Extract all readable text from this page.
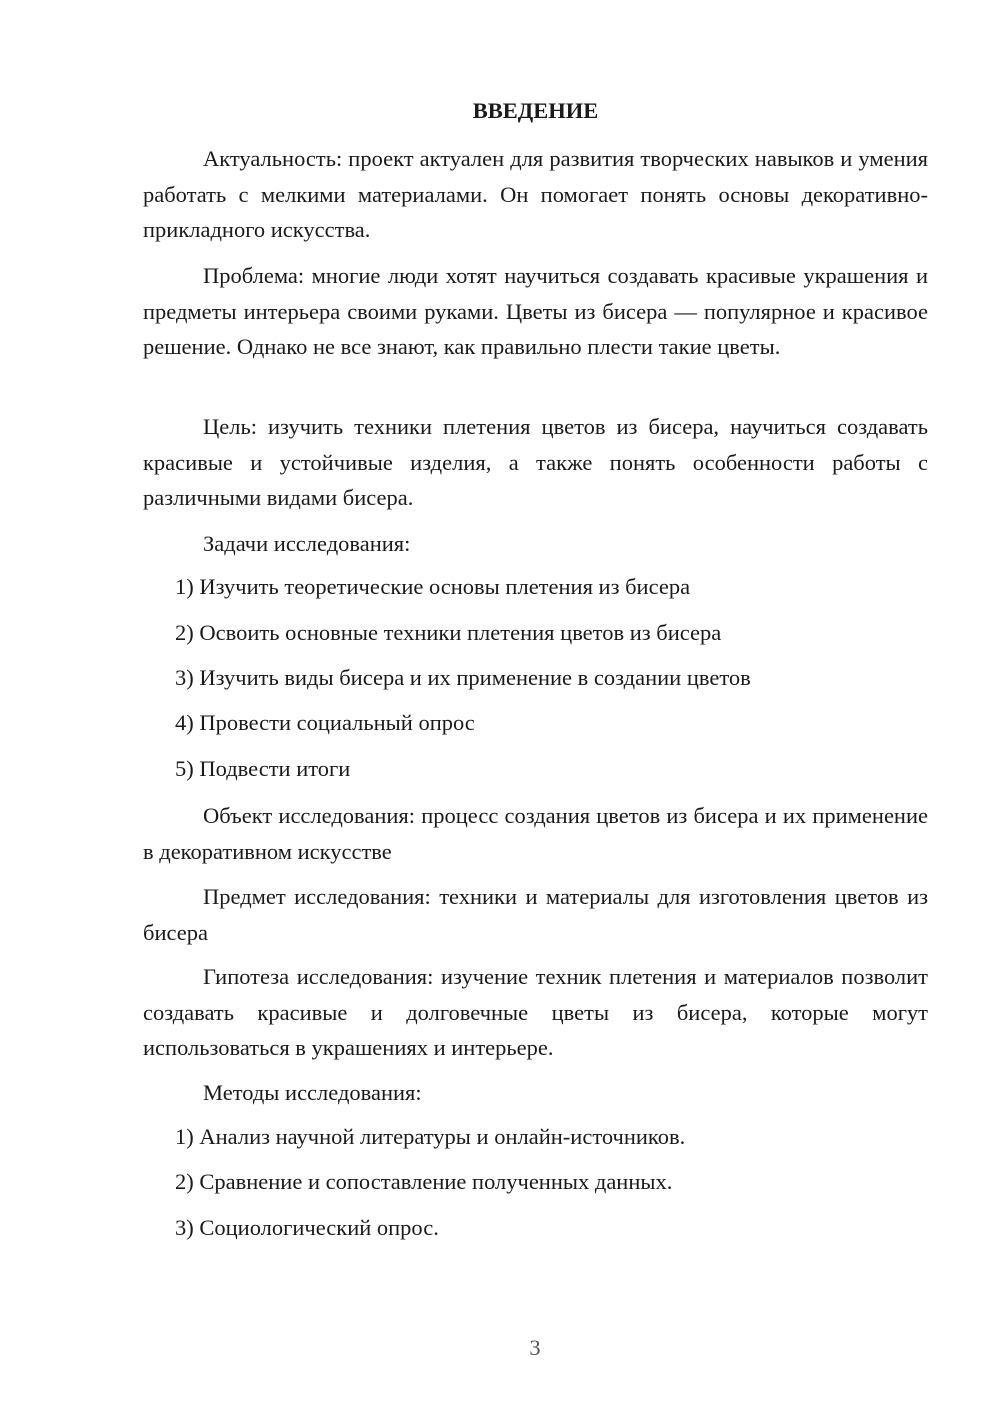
ВВЕДЕНИЕ

Актуальность: проект актуален для развития творческих навыков и умения работать с мелкими материалами. Он помогает понять основы декоративно-прикладного искусства.

Проблема: многие люди хотят научиться создавать красивые украшения и предметы интерьера своими руками. Цветы из бисера — популярное и красивое решение. Однако не все знают, как правильно плести такие цветы.

Цель: изучить техники плетения цветов из бисера, научиться создавать красивые и устойчивые изделия, а также понять особенности работы с различными видами бисера.

Задачи исследования:

1) Изучить теоретические основы плетения из бисера

2) Освоить основные техники плетения цветов из бисера

3) Изучить виды бисера и их применение в создании цветов

4) Провести социальный опрос

5) Подвести итоги

Объект исследования: процесс создания цветов из бисера и их применение в декоративном искусстве

Предмет исследования: техники и материалы для изготовления цветов из бисера

Гипотеза исследования: изучение техник плетения и материалов позволит создавать красивые и долговечные цветы из бисера, которые могут использоваться в украшениях и интерьере.

Методы исследования:

1) Анализ научной литературы и онлайн-источников.

2) Сравнение и сопоставление полученных данных.

3) Социологический опрос.

3
